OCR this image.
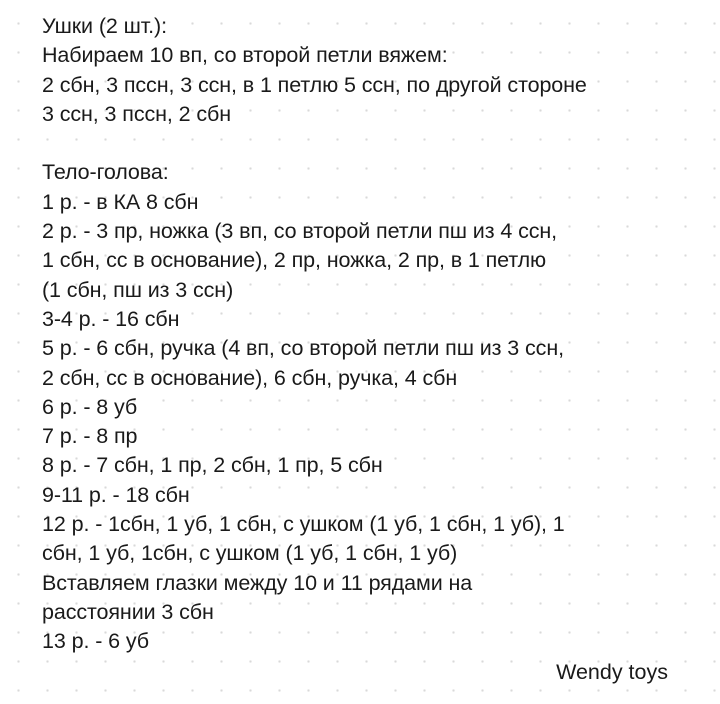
Ушки (2 шт.):
Набираем 10 вп, со второй петли вяжем:
2 сбн, 3 пссн, 3 ссн, в 1 петлю 5 ссн, по другой стороне
3 ссн, 3 пссн, 2 сбн
Тело-голова:
1 р. - в КА 8 сбн
2 р. - 3 пр, ножка (3 вп, со второй петли пш из 4 ссн,
1 сбн, сс в основание), 2 пр, ножка, 2 пр, в 1 петлю
(1 сбн, пш из 3 ссн)
3-4 р. - 16 сбн
5 р. - 6 сбн, ручка (4 вп, со второй петли пш из 3 ссн,
2 сбн, сс в основание), 6 сбн, ручка, 4 сбн
6 р. - 8 уб
7 р. - 8 пр
8 р. - 7 сбн, 1 пр, 2 сбн, 1 пр, 5 сбн
9-11 р. - 18 сбн
12 р. - 1сбн, 1 уб, 1 сбн, с ушком (1 уб, 1 сбн, 1 уб), 1
сбн, 1 уб, 1сбн, с ушком (1 уб, 1 сбн, 1 уб)
Вставляем глазки между 10 и 11 рядами на
расстоянии 3 сбн
13 р. - 6 уб
Wendy toys
